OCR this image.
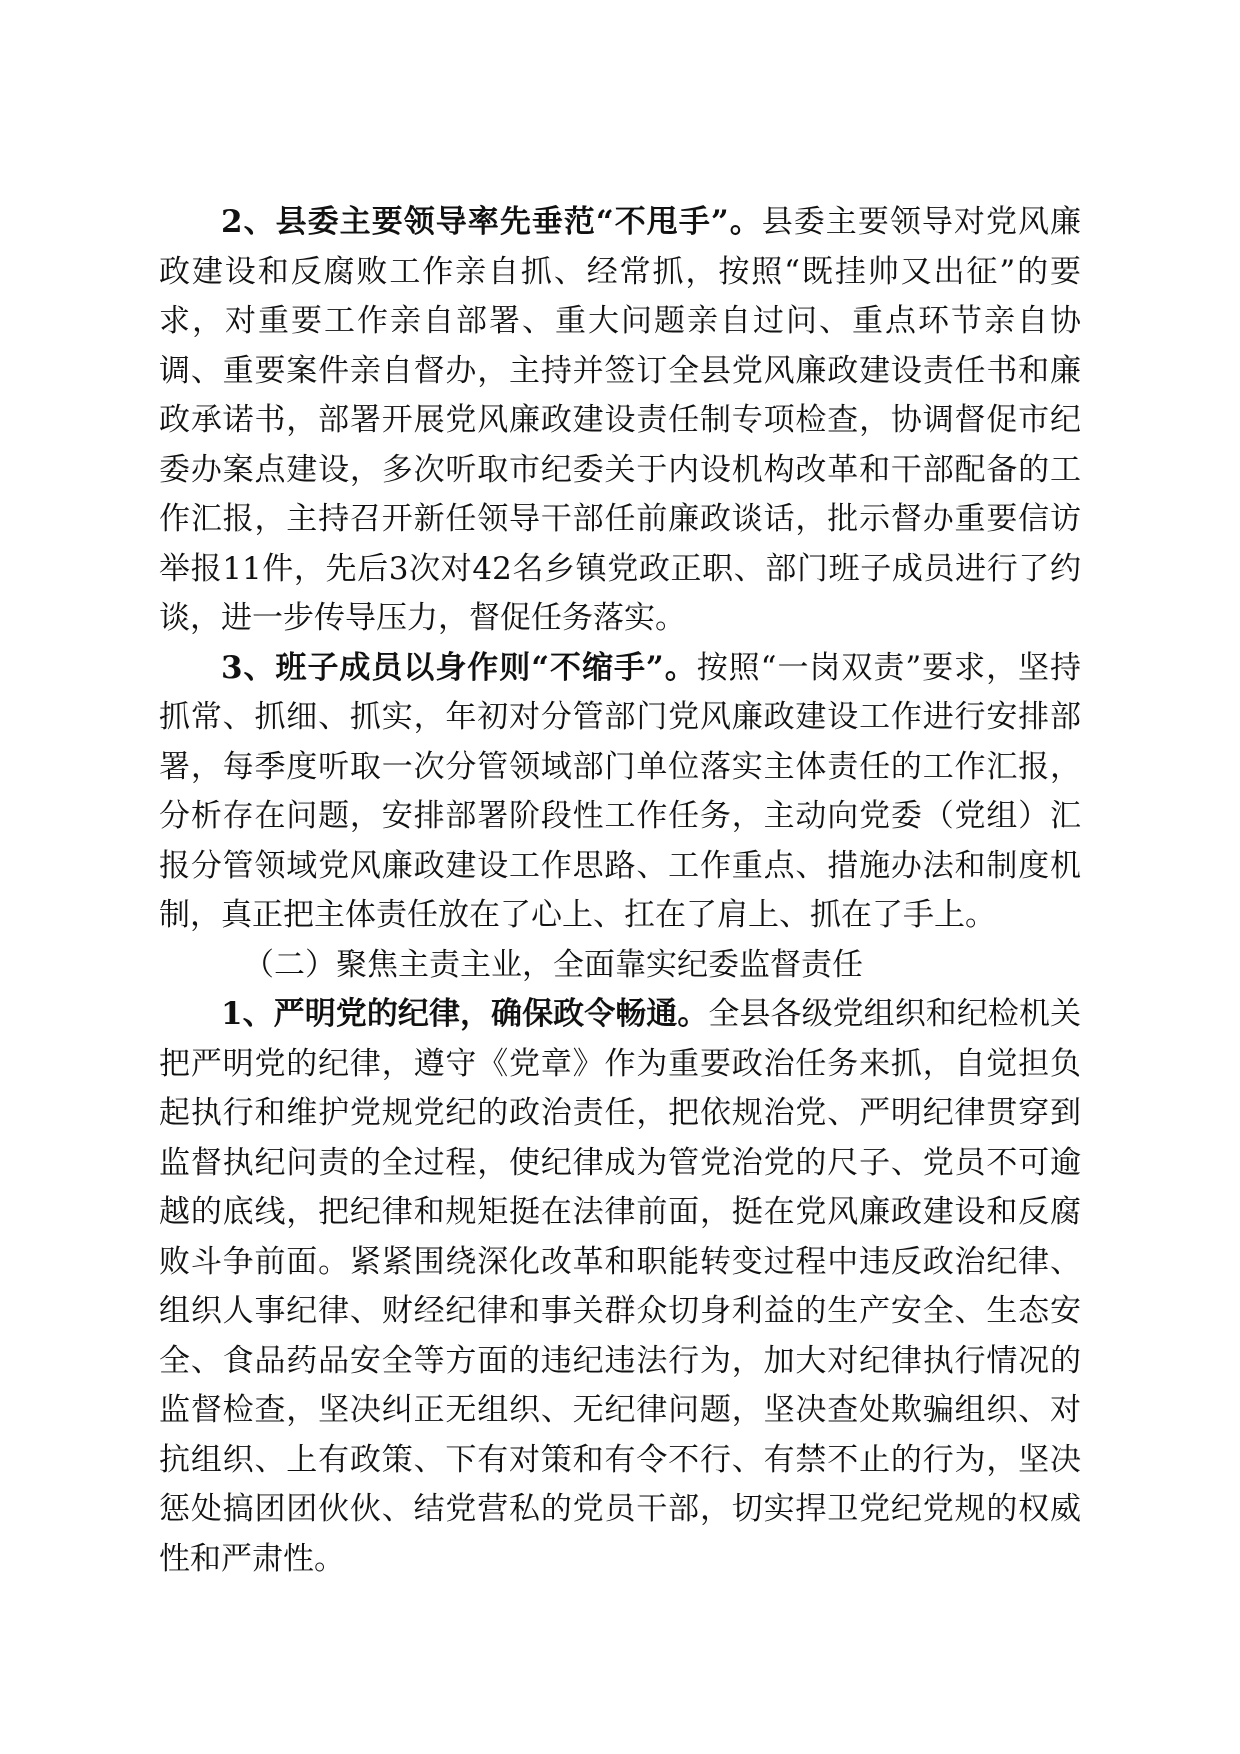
2、县委主要领导率先垂范“不甩手”。县委主要领导对党风廉政建设和反腐败工作亲自抓、经常抓，按照“既挂帅又出征”的要求，对重要工作亲自部署、重大问题亲自过问、重点环节亲自协调、重要案件亲自督办，主持并签订全县党风廉政建设责任书和廉政承诺书，部署开展党风廉政建设责任制专项检查，协调督促市纪委办案点建设，多次听取市纪委关于内设机构改革和干部配备的工作汇报，主持召开新任领导干部任前廉政谈话，批示督办重要信访举报11件，先后3次对42名乡镇党政正职、部门班子成员进行了约谈，进一步传导压力，督促任务落实。

3、班子成员以身作则“不缩手”。按照“一岗双责”要求，坚持抓常、抓细、抓实，年初对分管部门党风廉政建设工作进行安排部署，每季度听取一次分管领域部门单位落实主体责任的工作汇报，分析存在问题，安排部署阶段性工作任务，主动向党委（党组）汇报分管领域党风廉政建设工作思路、工作重点、措施办法和制度机制，真正把主体责任放在了心上、扛在了肩上、抓在了手上。

（二）聚焦主责主业，全面靠实纪委监督责任

1、严明党的纪律，确保政令畅通。全县各级党组织和纪检机关把严明党的纪律，遵守《党章》作为重要政治任务来抓，自觉担负起执行和维护党规党纪的政治责任，把依规治党、严明纪律贯穿到监督执纪问责的全过程，使纪律成为管党治党的尺子、党员不可逾越的底线，把纪律和规矩挺在法律前面，挺在党风廉政建设和反腐败斗争前面。紧紧围绕深化改革和职能转变过程中违反政治纪律、组织人事纪律、财经纪律和事关群众切身利益的生产安全、生态安全、食品药品安全等方面的违纪违法行为，加大对纪律执行情况的监督检查，坚决纠正无组织、无纪律问题，坚决查处欺骗组织、对抗组织、上有政策、下有对策和有令不行、有禁不止的行为，坚决惩处搞团团伙伙、结党营私的党员干部，切实捍卫党纪党规的权威性和严肃性。
